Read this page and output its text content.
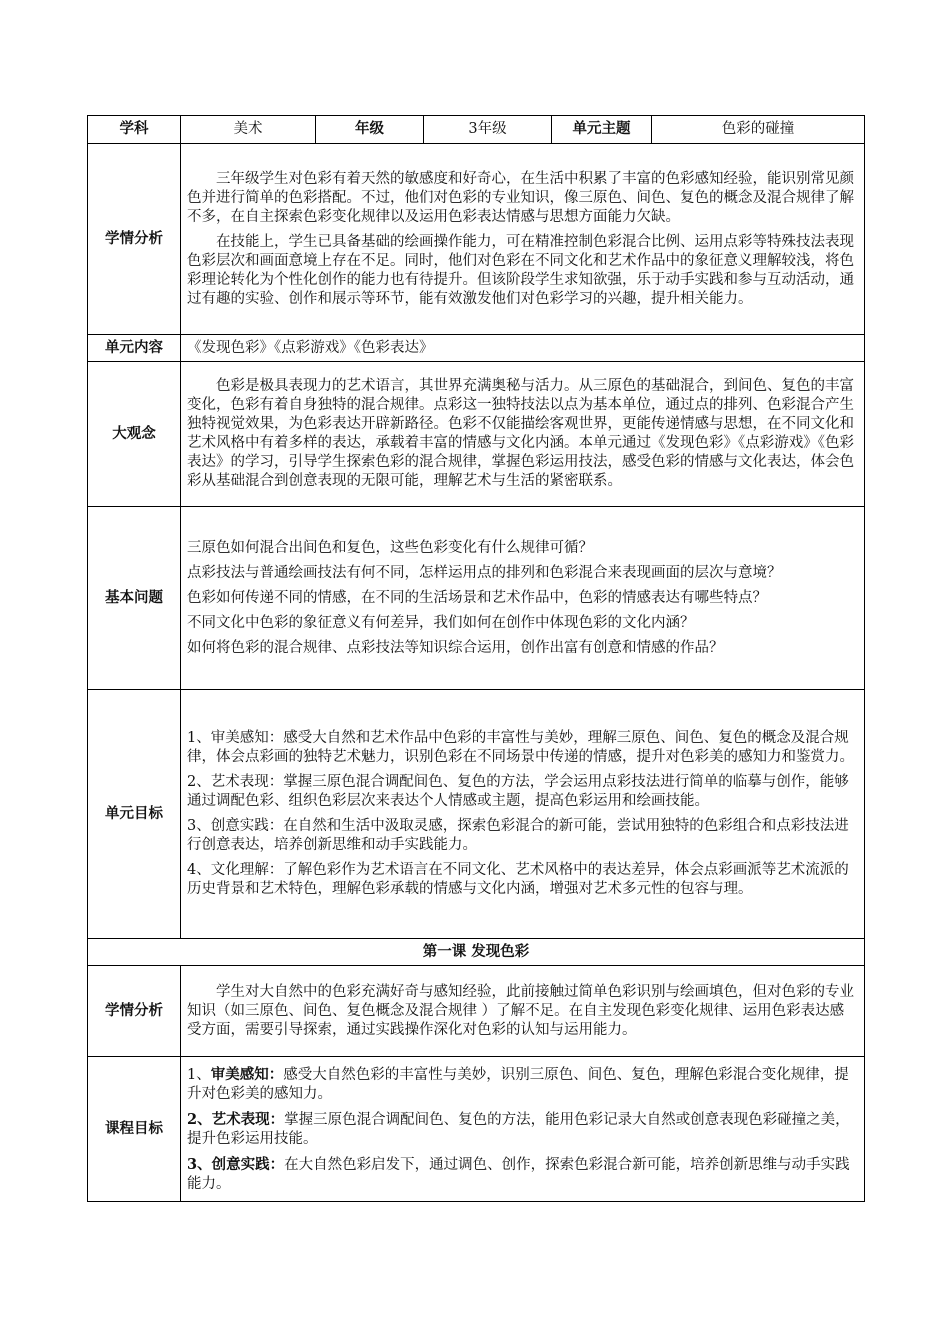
学科	美术	年级	3年级	单元主题	色彩的碰撞
学情分析	三年级学生对色彩有着天然的敏感度和好奇心，在生活中积累了丰富的色彩感知经验，能识别常见颜色并进行简单的色彩搭配。不过，他们对色彩的专业知识，像三原色、间色、复色的概念及混合规律了解不多，在自主探索色彩变化规律以及运用色彩表达情感与思想方面能力欠缺。

在技能上，学生已具备基础的绘画操作能力，可在精准控制色彩混合比例、运用点彩等特殊技法表现色彩层次和画面意境上存在不足。同时，他们对色彩在不同文化和艺术作品中的象征意义理解较浅，将色彩理论转化为个性化创作的能力也有待提升。但该阶段学生求知欲强，乐于动手实践和参与互动活动，通过有趣的实验、创作和展示等环节，能有效激发他们对色彩学习的兴趣，提升相关能力。				

单元内容	《发现色彩》《点彩游戏》《色彩表达》				
大观念	色彩是极具表现力的艺术语言，其世界充满奥秘与活力。从三原色的基础混合，到间色、复色的丰富变化，色彩有着自身独特的混合规律。点彩这一独特技法以点为基本单位，通过点的排列、色彩混合产生独特视觉效果，为色彩表达开辟新路径。色彩不仅能描绘客观世界，更能传递情感与思想，在不同文化和艺术风格中有着多样的表达，承载着丰富的情感与文化内涵。本单元通过《发现色彩》《点彩游戏》《色彩表达》的学习，引导学生探索色彩的混合规律，掌握色彩运用技法，感受色彩的情感与文化表达，体会色彩从基础混合到创意表现的无限可能，理解艺术与生活的紧密联系。				

基本问题	三原色如何混合出间色和复色，这些色彩变化有什么规律可循？

点彩技法与普通绘画技法有何不同，怎样运用点的排列和色彩混合来表现画面的层次与意境？

色彩如何传递不同的情感，在不同的生活场景和艺术作品中，色彩的情感表达有哪些特点？

不同文化中色彩的象征意义有何差异，我们如何在创作中体现色彩的文化内涵？

如何将色彩的混合规律、点彩技法等知识综合运用，创作出富有创意和情感的作品？				

单元目标	1、审美感知：感受大自然和艺术作品中色彩的丰富性与美妙，理解三原色、间色、复色的概念及混合规律，体会点彩画的独特艺术魅力，识别色彩在不同场景中传递的情感，提升对色彩美的感知力和鉴赏力。

2、艺术表现：掌握三原色混合调配间色、复色的方法，学会运用点彩技法进行简单的临摹与创作，能够通过调配色彩、组织色彩层次来表达个人情感或主题，提高色彩运用和绘画技能。

3、创意实践：在自然和生活中汲取灵感，探索色彩混合的新可能，尝试用独特的色彩组合和点彩技法进行创意表达，培养创新思维和动手实践能力。

4、文化理解：了解色彩作为艺术语言在不同文化、艺术风格中的表达差异，体会点彩画派等艺术流派的历史背景和艺术特色，理解色彩承载的情感与文化内涵，增强对艺术多元性的包容与理。				

第一课 发现色彩					
学情分析	学生对大自然中的色彩充满好奇与感知经验，此前接触过简单色彩识别与绘画填色，但对色彩的专业知识（如三原色、间色、复色概念及混合规律 ）了解不足。在自主发现色彩变化规律、运用色彩表达感受方面，需要引导探索，通过实践操作深化对色彩的认知与运用能力。				

课程目标	1、审美感知：感受大自然色彩的丰富性与美妙，识别三原色、间色、复色，理解色彩混合变化规律，提升对色彩美的感知力。

2、艺术表现：掌握三原色混合调配间色、复色的方法，能用色彩记录大自然或创意表现色彩碰撞之美，提升色彩运用技能。

3、创意实践：在大自然色彩启发下，通过调色、创作，探索色彩混合新可能，培养创新思维与动手实践能力。				
